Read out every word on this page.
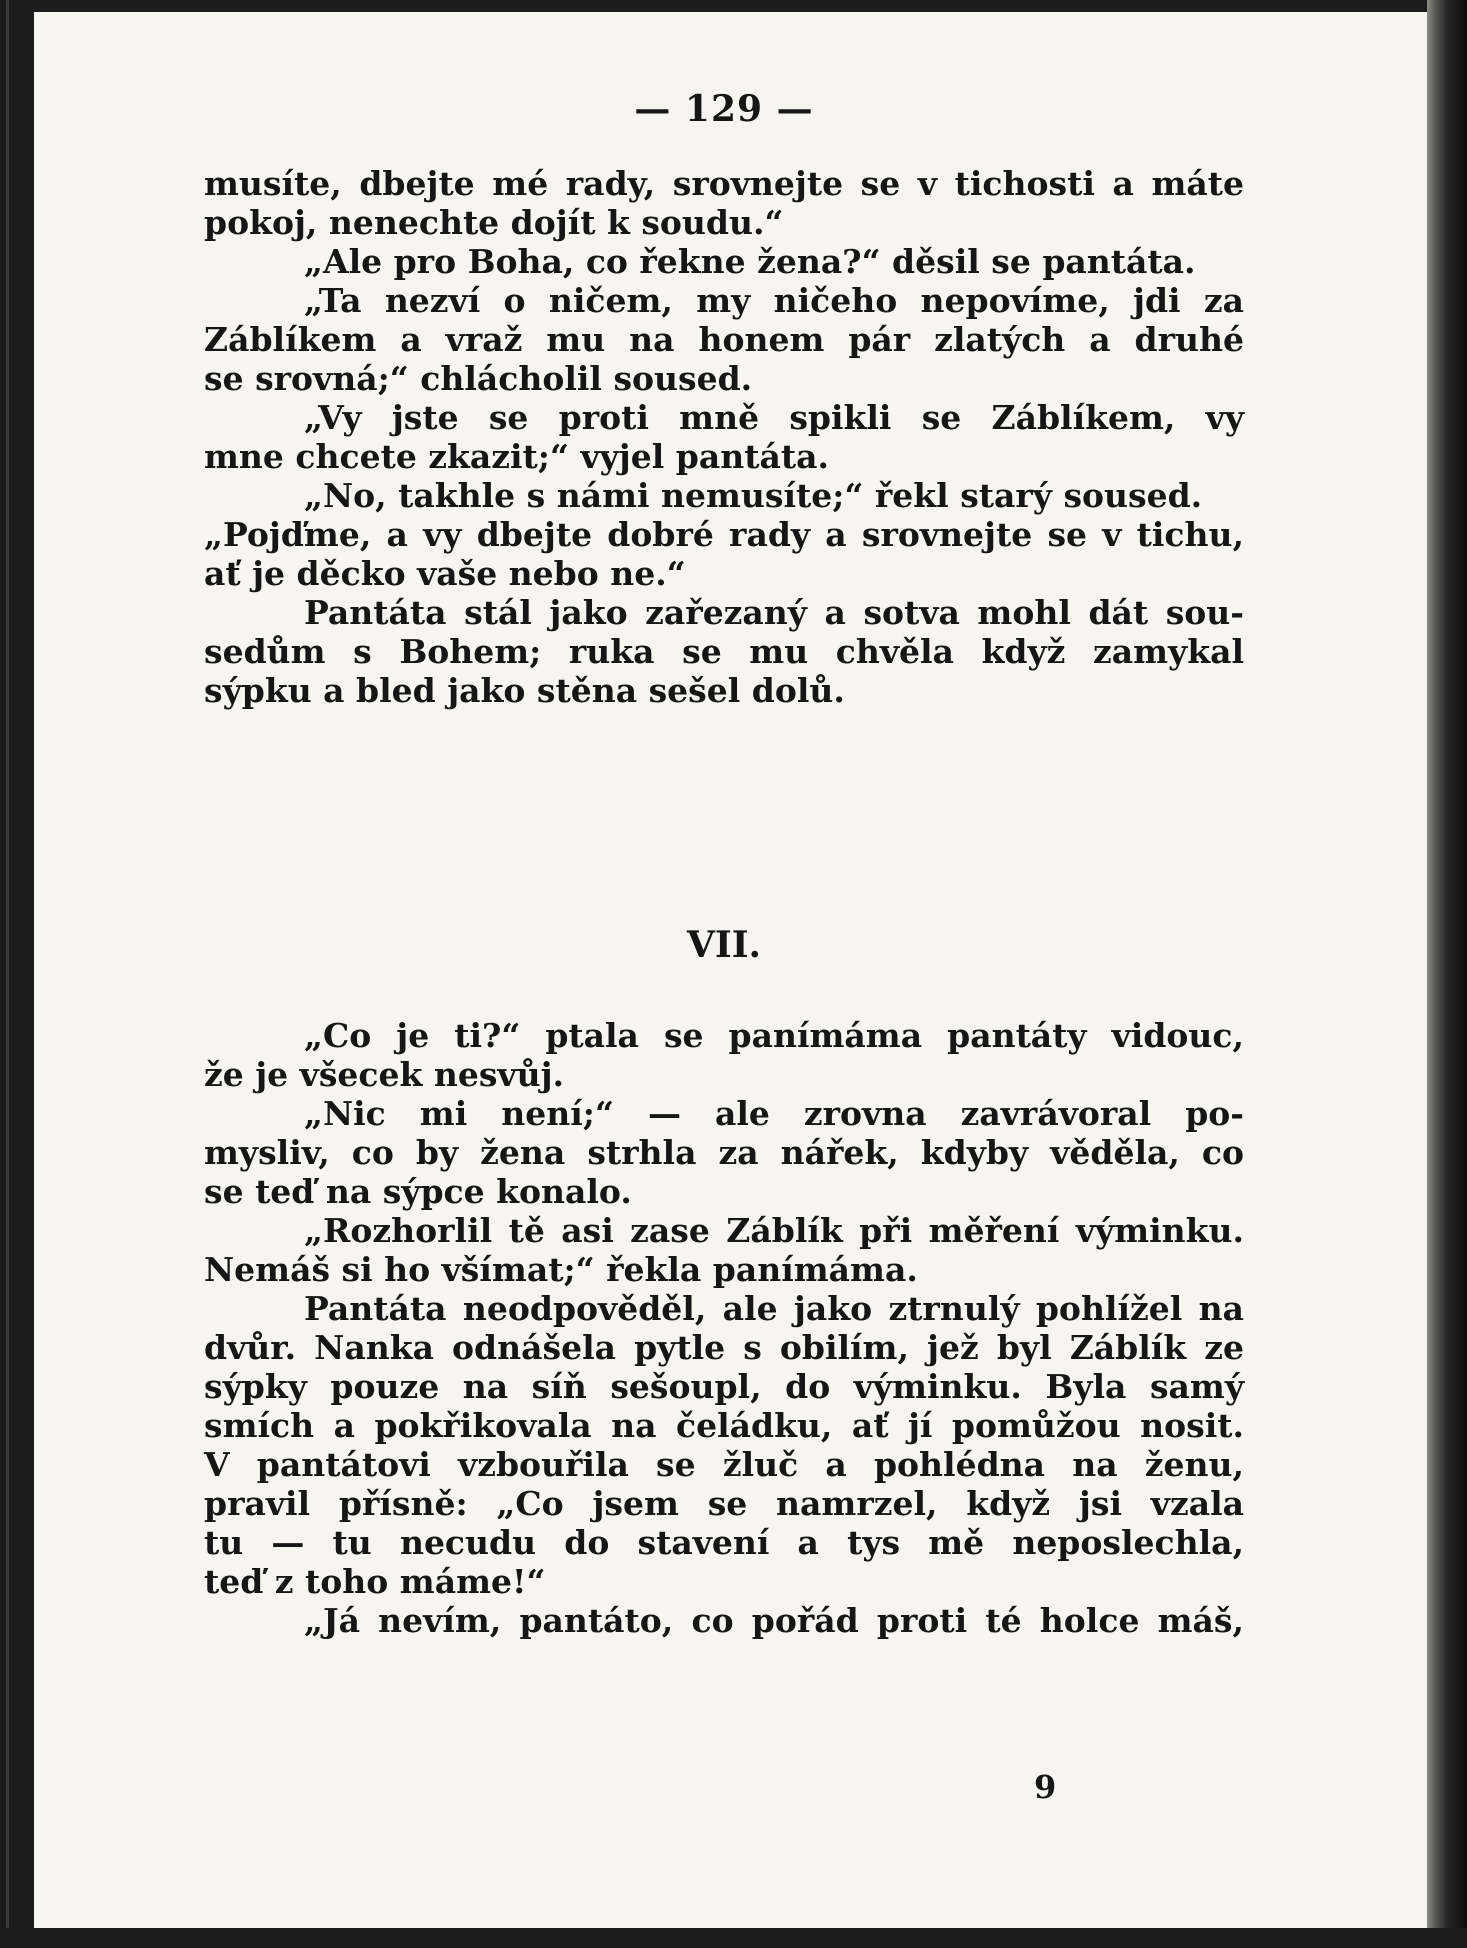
— 129 —
musíte, dbejte mé rady, srovnejte se v tichosti a máte
pokoj, nenechte dojít k soudu.“
„Ale pro Boha, co řekne žena?“ děsil se pantáta.
„Ta nezví o ničem, my ničeho nepovíme, jdi za
Záblíkem a vraž mu na honem pár zlatých a druhé
se srovná;“ chlácholil soused.
„Vy jste se proti mně spikli se Záblíkem, vy
mne chcete zkazit;“ vyjel pantáta.
„No, takhle s námi nemusíte;“ řekl starý soused.
„Pojďme, a vy dbejte dobré rady a srovnejte se v tichu,
ať je děcko vaše nebo ne.“
Pantáta stál jako zařezaný a sotva mohl dát sou-
sedům s Bohem; ruka se mu chvěla když zamykal
sýpku a bled jako stěna sešel dolů.
VII.
„Co je ti?“ ptala se panímáma pantáty vidouc,
že je všecek nesvůj.
„Nic mi není;“ — ale zrovna zavrávoral po-
mysliv, co by žena strhla za nářek, kdyby věděla, co
se teď na sýpce konalo.
„Rozhorlil tě asi zase Záblík při měření výminku.
Nemáš si ho všímat;“ řekla panímáma.
Pantáta neodpověděl, ale jako ztrnulý pohlížel na
dvůr. Nanka odnášela pytle s obilím, jež byl Záblík ze
sýpky pouze na síň sešoupl, do výminku. Byla samý
smích a pokřikovala na čeládku, ať jí pomůžou nosit.
V pantátovi vzbouřila se žluč a pohlédna na ženu,
pravil přísně: „Co jsem se namrzel, když jsi vzala
tu — tu necudu do stavení a tys mě neposlechla,
teď z toho máme!“
„Já nevím, pantáto, co pořád proti té holce máš,
9
